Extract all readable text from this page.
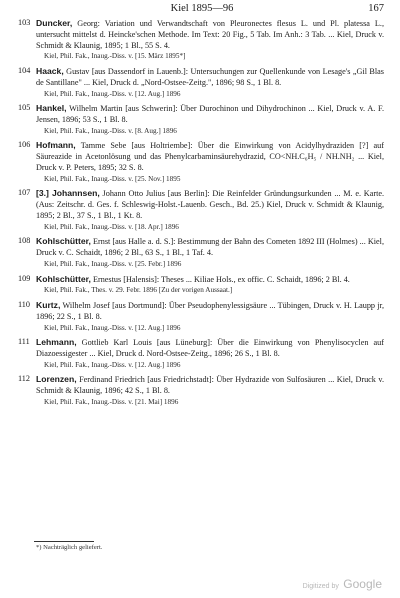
Kiel 1895—96	167
103 Duncker, Georg: Variation und Verwandtschaft von Pleuronectes flesus L. und Pl. platessa L., untersucht mittelst d. Heincke'schen Methode. Im Text: 20 Fig., 5 Tab. Im Anh.: 3 Tab. ... Kiel, Druck v. Schmidt & Klaunig, 1895; 1 Bl., 55 S. 4.
Kiel, Phil. Fak., Inaug.-Diss. v. [15. März 1895*]
104 Haack, Gustav [aus Dassendorf in Lauenb.]: Untersuchungen zur Quellenkunde von Lesage's „Gil Blas de Santillane" ... Kiel, Druck d. „Nord-Ostsee-Zeitg.", 1896; 98 S., 1 Bl. 8.
Kiel, Phil. Fak., Inaug.-Diss. v. [12. Aug.] 1896
105 Hankel, Wilhelm Martin [aus Schwerin]: Über Durochinon und Dihydrochinon ... Kiel, Druck v. A. F. Jensen, 1896; 53 S., 1 Bl. 8.
Kiel, Phil. Fak., Inaug.-Diss. v. [8. Aug.] 1896
106 Hofmann, Tamme Sebe [aus Holtriembe]: Über die Einwirkung von Acidylhydraziden [?] auf Säureazide in Acetonlösung und das Phenylcarbaminsäurehydrazid, CO<NH.C₆H₅ / NH.NH₂ ... Kiel, Druck v. P. Peters, 1895; 32 S. 8.
Kiel, Phil. Fak., Inaug.-Diss. v. [25. Nov.] 1895
107 [3.] Johannsen, Johann Otto Julius [aus Berlin]: Die Reinfelder Gründungsurkunden ... M. e. Karte. (Aus: Zeitschr. d. Ges. f. Schleswig-Holst.-Lauenb. Gesch., Bd. 25.) Kiel, Druck v. Schmidt & Klaunig, 1895; 2 Bl., 37 S., 1 Bl., 1 Kt. 8.
Kiel, Phil. Fak., Inaug.-Diss. v. [18. Apr.] 1896
108 Kohlschütter, Ernst [aus Halle a. d. S.]: Bestimmung der Bahn des Cometen 1892 III (Holmes) ... Kiel, Druck v. C. Schaidt, 1896; 2 Bl., 63 S., 1 Bl., 1 Taf. 4.
Kiel, Phil. Fak., Inaug.-Diss. v. [25. Febr.] 1896
109 Kohlschütter, Ernestus [Halensis]: Theses ... Kiliae Hols., ex offic. C. Schaidt, 1896; 2 Bl. 4.
Kiel, Phil. Fak., Thes. v. 29. Febr. 1896 [Zu der vorigen Aussaat.]
110 Kurtz, Wilhelm Josef [aus Dortmund]: Über Pseudophenylessigsäure ... Tübingen, Druck v. H. Laupp jr, 1896; 22 S., 1 Bl. 8.
Kiel, Phil. Fak., Inaug.-Diss. v. [12. Aug.] 1896
111 Lehmann, Gottlieb Karl Louis [aus Lüneburg]: Über die Einwirkung von Phenylisocyclen auf Diazoessigester ... Kiel, Druck d. Nord-Ostsee-Zeitg., 1896; 26 S., 1 Bl. 8.
Kiel, Phil. Fak., Inaug.-Diss. v. [12. Aug.] 1896
112 Lorenzen, Ferdinand Friedrich [aus Friedrichstadt]: Über Hydrazide von Sulfosäuren ... Kiel, Druck v. Schmidt & Klaunig, 1896; 42 S., 1 Bl. 8.
Kiel, Phil. Fak., Inaug.-Diss. v. [21. Mai] 1896
*) Nachträglich geliefert.
Digitized by Google
